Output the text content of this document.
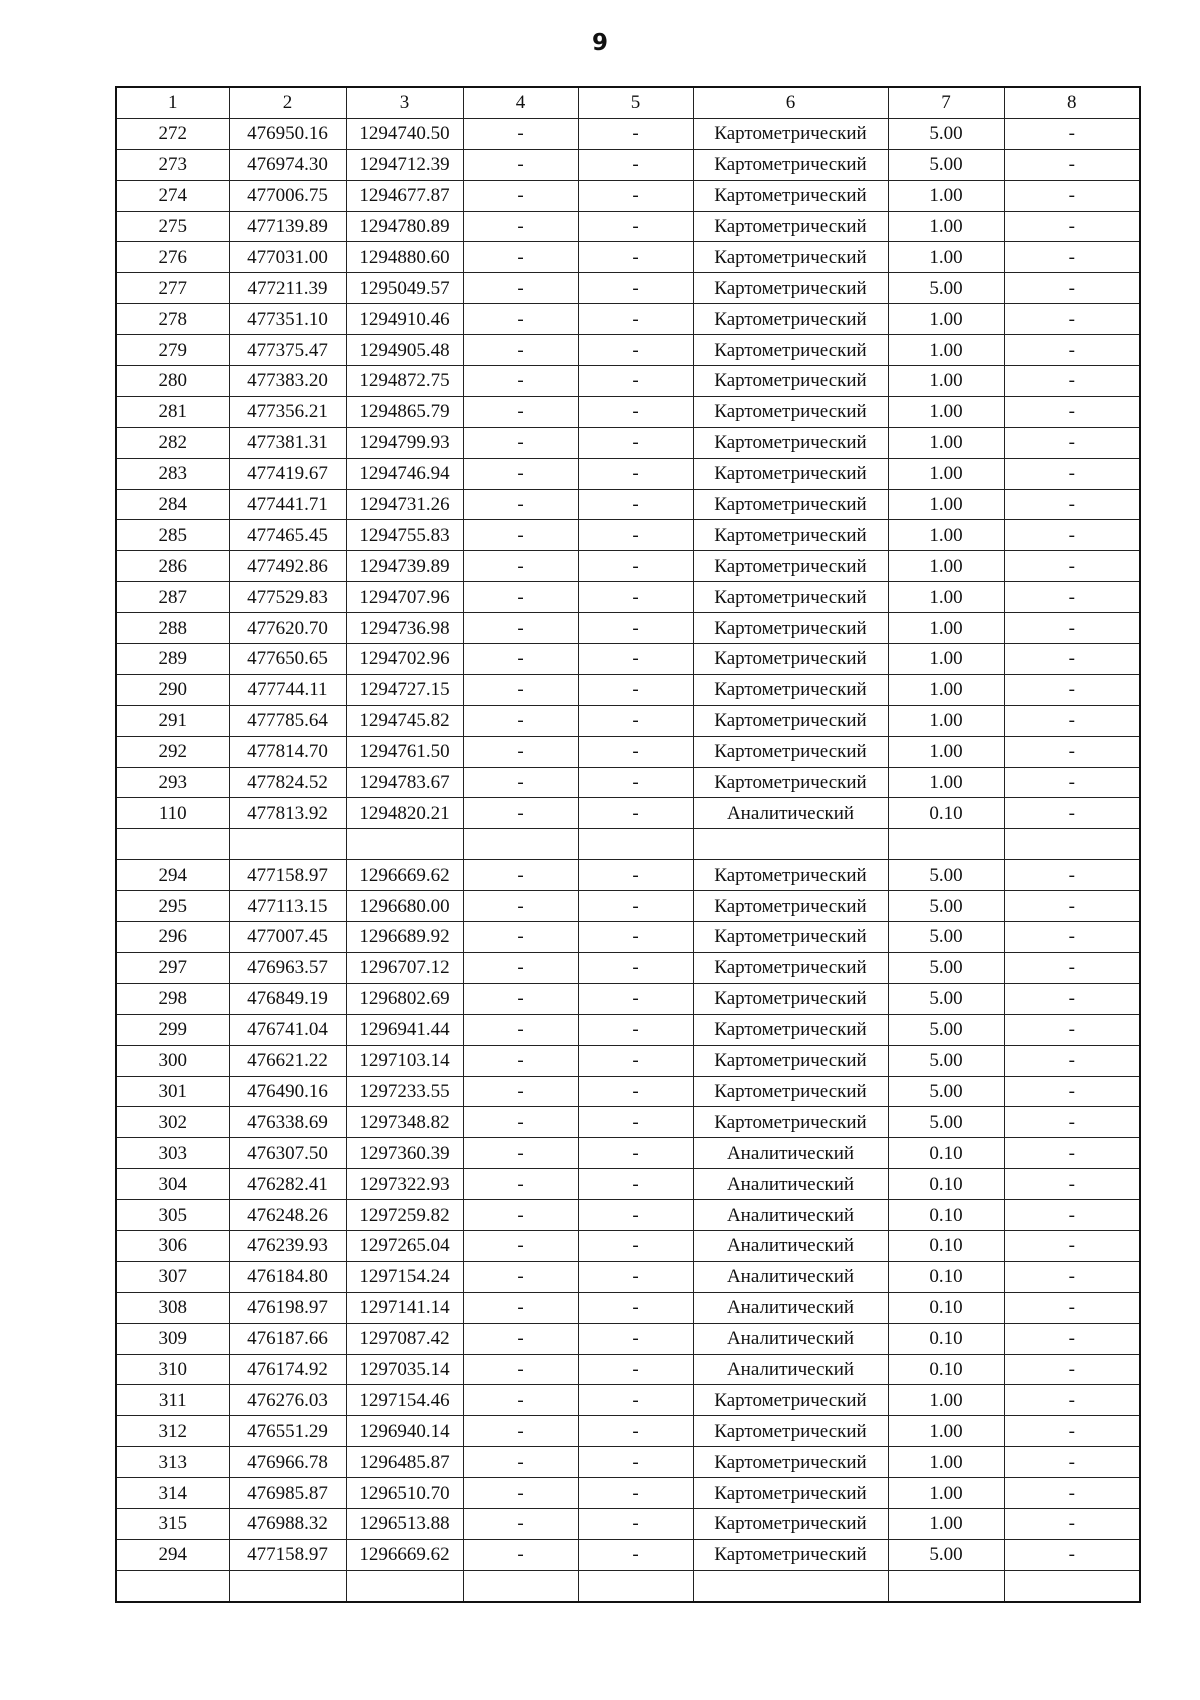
9
1	2	3	4	5	6	7	8
272	476950.16	1294740.50	-	-	Картометрический	5.00	-
273	476974.30	1294712.39	-	-	Картометрический	5.00	-
274	477006.75	1294677.87	-	-	Картометрический	1.00	-
275	477139.89	1294780.89	-	-	Картометрический	1.00	-
276	477031.00	1294880.60	-	-	Картометрический	1.00	-
277	477211.39	1295049.57	-	-	Картометрический	5.00	-
278	477351.10	1294910.46	-	-	Картометрический	1.00	-
279	477375.47	1294905.48	-	-	Картометрический	1.00	-
280	477383.20	1294872.75	-	-	Картометрический	1.00	-
281	477356.21	1294865.79	-	-	Картометрический	1.00	-
282	477381.31	1294799.93	-	-	Картометрический	1.00	-
283	477419.67	1294746.94	-	-	Картометрический	1.00	-
284	477441.71	1294731.26	-	-	Картометрический	1.00	-
285	477465.45	1294755.83	-	-	Картометрический	1.00	-
286	477492.86	1294739.89	-	-	Картометрический	1.00	-
287	477529.83	1294707.96	-	-	Картометрический	1.00	-
288	477620.70	1294736.98	-	-	Картометрический	1.00	-
289	477650.65	1294702.96	-	-	Картометрический	1.00	-
290	477744.11	1294727.15	-	-	Картометрический	1.00	-
291	477785.64	1294745.82	-	-	Картометрический	1.00	-
292	477814.70	1294761.50	-	-	Картометрический	1.00	-
293	477824.52	1294783.67	-	-	Картометрический	1.00	-
110	477813.92	1294820.21	-	-	Аналитический	0.10	-

294	477158.97	1296669.62	-	-	Картометрический	5.00	-
295	477113.15	1296680.00	-	-	Картометрический	5.00	-
296	477007.45	1296689.92	-	-	Картометрический	5.00	-
297	476963.57	1296707.12	-	-	Картометрический	5.00	-
298	476849.19	1296802.69	-	-	Картометрический	5.00	-
299	476741.04	1296941.44	-	-	Картометрический	5.00	-
300	476621.22	1297103.14	-	-	Картометрический	5.00	-
301	476490.16	1297233.55	-	-	Картометрический	5.00	-
302	476338.69	1297348.82	-	-	Картометрический	5.00	-
303	476307.50	1297360.39	-	-	Аналитический	0.10	-
304	476282.41	1297322.93	-	-	Аналитический	0.10	-
305	476248.26	1297259.82	-	-	Аналитический	0.10	-
306	476239.93	1297265.04	-	-	Аналитический	0.10	-
307	476184.80	1297154.24	-	-	Аналитический	0.10	-
308	476198.97	1297141.14	-	-	Аналитический	0.10	-
309	476187.66	1297087.42	-	-	Аналитический	0.10	-
310	476174.92	1297035.14	-	-	Аналитический	0.10	-
311	476276.03	1297154.46	-	-	Картометрический	1.00	-
312	476551.29	1296940.14	-	-	Картометрический	1.00	-
313	476966.78	1296485.87	-	-	Картометрический	1.00	-
314	476985.87	1296510.70	-	-	Картометрический	1.00	-
315	476988.32	1296513.88	-	-	Картометрический	1.00	-
294	477158.97	1296669.62	-	-	Картометрический	5.00	-
